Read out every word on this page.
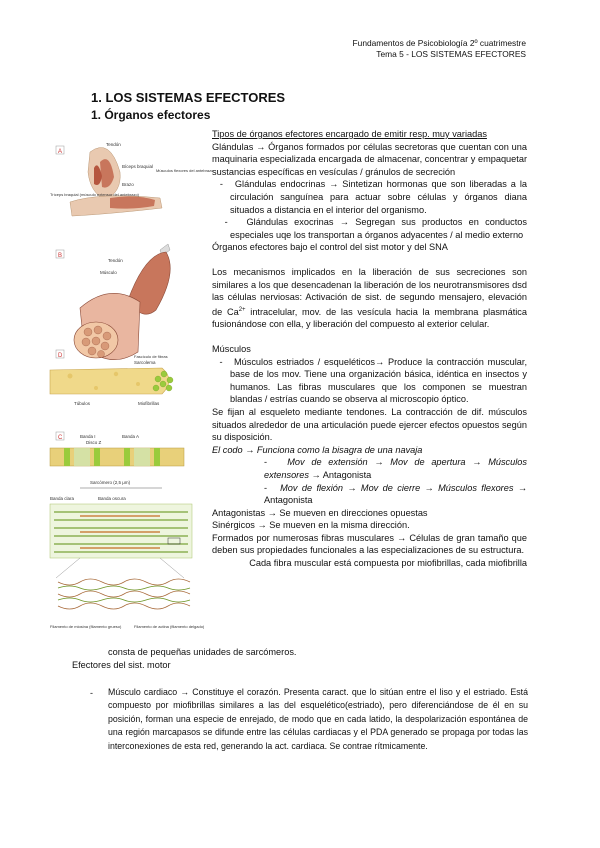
Fundamentos de Psicobiología 2º cuatrimestre
Tema 5 - LOS SISTEMAS EFECTORES
1. LOS SISTEMAS EFECTORES
1. Órganos efectores
A
Tendón
Bíceps braquial
Brazo
Músculos flexores del antebrazo
Tríceps braquial (músculo extensor del antebrazo)
B
Tendón
Músculo
Fascículo de fibras
D
Sarcolema
Túbulos	Miofibrillas
C	Banda I	Banda A
Disco Z
Sarcómero (2,5 μm)
Banda clara	Banda oscura
Filamento de miosina (filamento grueso)	Filamento de actina (filamento delgado)

Tipos de órganos efectores encargado de emitir resp. muy variadas

Glándulas → Órganos formados por células secretoras que cuentan con una maquinaria especializada encargada de almacenar, concentrar y empaquetar sustancias específicas en vesículas / gránulos de secreción

-   Glándulas endocrinas → Sintetizan hormonas que son liberadas a la circulación sanguínea para actuar sobre células y órganos diana situados a distancia en el interior del organismo.

-   Glándulas exocrinas → Segregan sus productos en conductos especiales uqe los transportan a órganos adyacentes / al medio externo

Órganos efectores bajo el control del sist motor y del SNA

Los mecanismos implicados en la liberación de sus secreciones son similares a los que desencadenan la liberación de los neurotransmisores dsd las células nerviosas: Activación de sist. de segundo mensajero, elevación de $Ca^{2+}$ intracelular, mov. de las vesícula hacia la membrana plasmática fusionándose con ella, y liberación del compuesto al exterior celular.

Músculos

-   Músculos estriados / esqueléticos→ Produce la contracción muscular, base de los mov. Tiene una organización básica, idéntica en insectos y humanos. Las fibras musculares que los componen se muestran blandas / estrías cuando se observa al microscopio óptico.

Se fijan al esqueleto mediante tendones. La contracción de dif. músculos situados alrededor de una articulación puede ejercer efectos opuestos según su disposición.

El codo → Funciona como la bisagra de una navaja

-   Mov de extensión → Mov de apertura → Músculos extensores → Antagonista

-   Mov de flexión → Mov de cierre → Músculos flexores → Antagonista

Antagonistas → Se mueven en direcciones opuestas

Sinérgicos → Se mueven en la misma dirección.

Formados por numerosas fibras musculares → Células de gran tamaño que deben sus propiedades funcionales a las especializaciones de su estructura.

Cada fibra muscular está compuesta por miofibrillas, cada miofibrilla

consta de pequeñas unidades de sarcómeros.
Efectores del sist. motor
- Músculo cardiaco → Constituye el corazón. Presenta caract. que lo sitúan entre el liso y el estriado. Está compuesto por miofibrillas similares a las del esquelético(estriado), pero diferenciándose de él en su posición, forman una especie de enrejado, de modo que en cada latido, la despolarización espontánea de una región marcapasos se difunde entre las células cardiacas y el PDA generado se propaga por todas las interconexiones de esta red, generando la act. cardiaca. Se contrae rítmicamente.
